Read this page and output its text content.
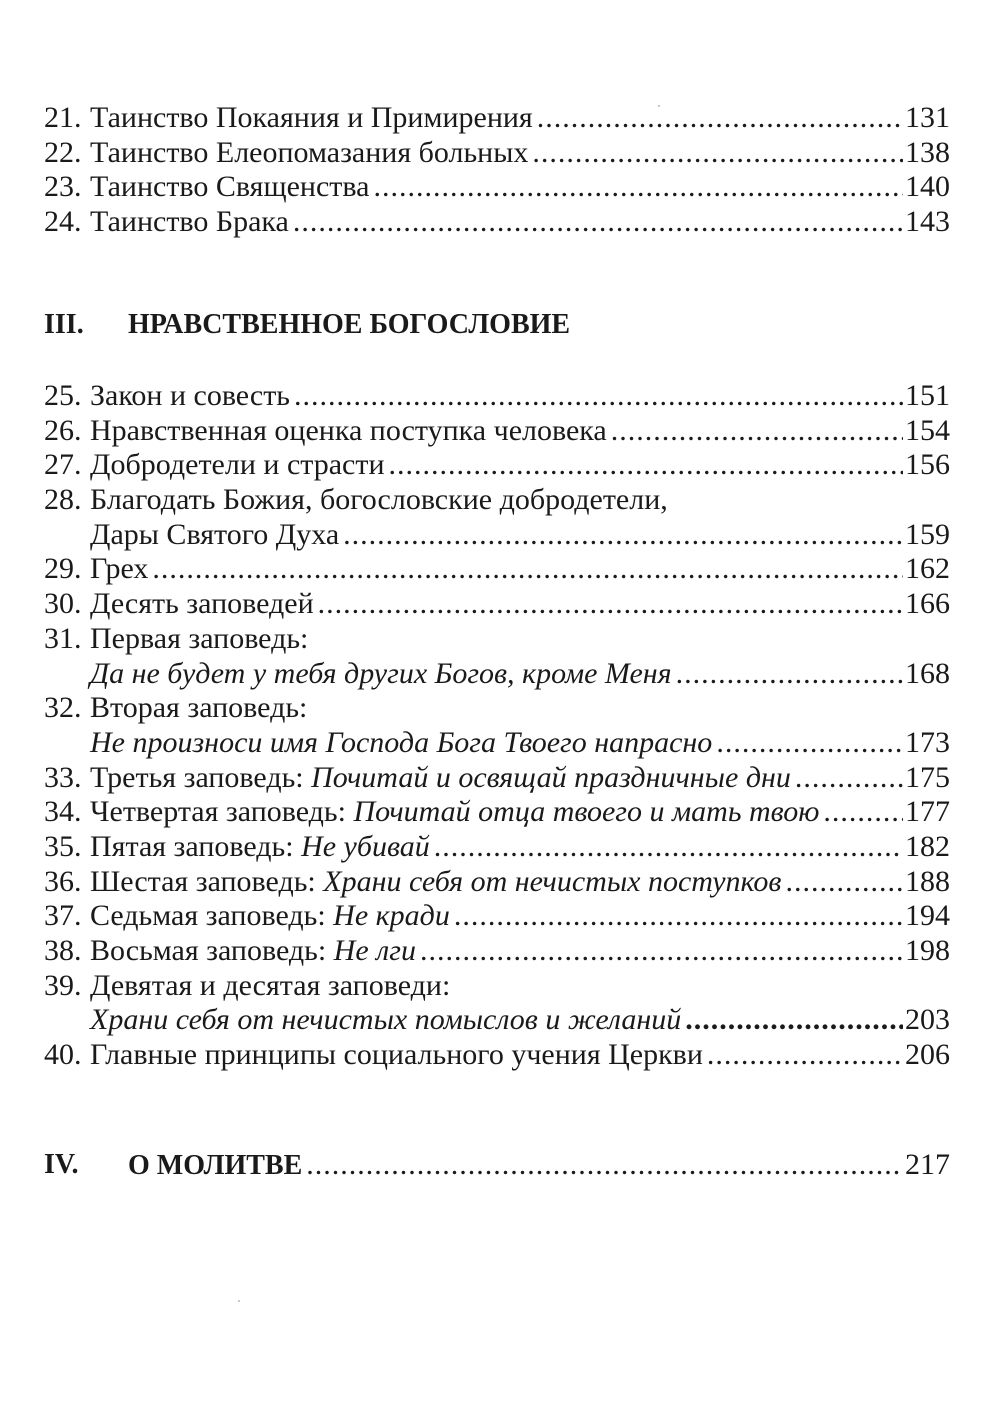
21. Таинство Покаяния и Примирения .....	131
22. Таинство Елеопомазания больных .....	138
23. Таинство Священства .....	140
24. Таинство Брака .....	143
III. НРАВСТВЕННОЕ БОГОСЛОВИЕ
25. Закон и совесть .....	151
26. Нравственная оценка поступка человека .....	154
27. Добродетели и страсти .....	156
28. Благодать Божия, богословские добродетели,
Дары Святого Духа .....	159
29. Грех .....	162
30. Десять заповедей .....	166
31. Первая заповедь:
Да не будет у тебя других Богов, кроме Меня .....	168
32. Вторая заповедь:
Не произноси имя Господа Бога Твоего напрасно .....	173
33. Третья заповедь: Почитай и освящай праздничные дни .....	175
34. Четвертая заповедь: Почитай отца твоего и мать твою .....	177
35. Пятая заповедь: Не убивай .....	182
36. Шестая заповедь: Храни себя от нечистых поступков .....	188
37. Седьмая заповедь: Не кради .....	194
38. Восьмая заповедь: Не лги .....	198
39. Девятая и десятая заповеди:
Храни себя от нечистых помыслов и желаний .....	203
40. Главные принципы социального учения Церкви .....	206
IV. О МОЛИТВЕ .....	217
